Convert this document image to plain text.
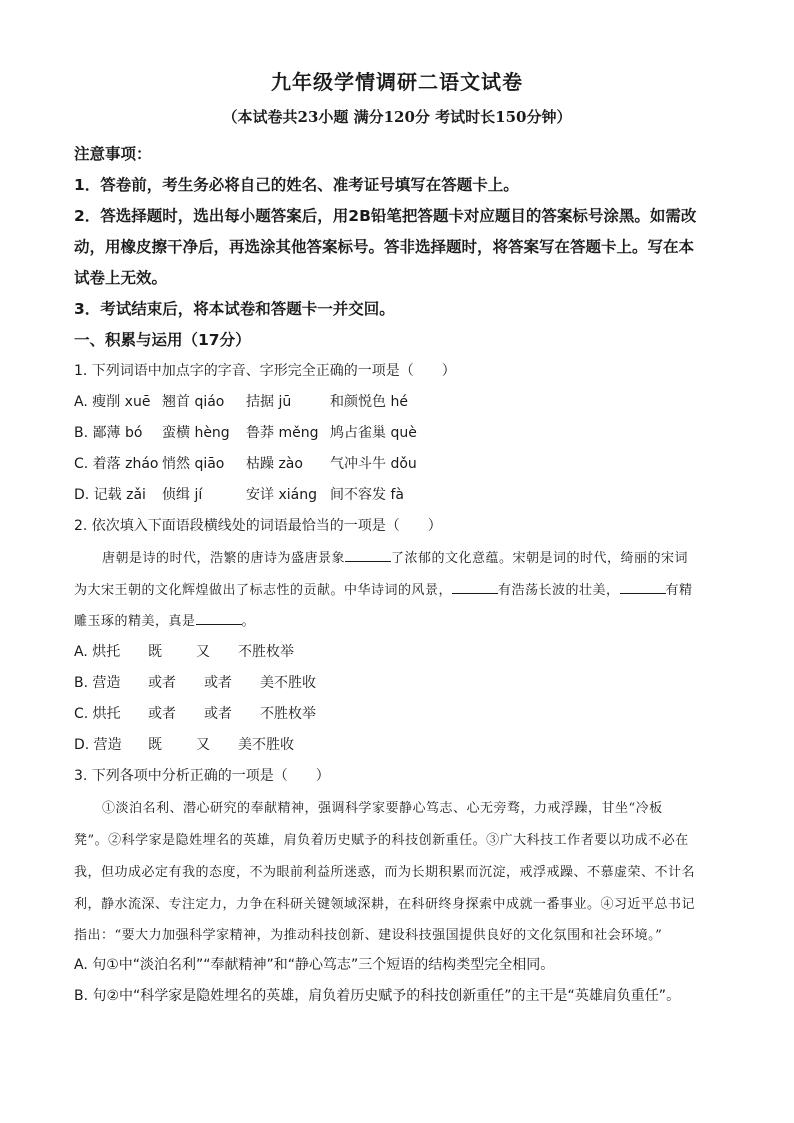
九年级学情调研二语文试卷
（本试卷共23小题 满分120分 考试时长150分钟）
注意事项：
1．答卷前，考生务必将自己的姓名、准考证号填写在答题卡上。
2．答选择题时，选出每小题答案后，用2B铅笔把答题卡对应题目的答案标号涂黑。如需改
动，用橡皮擦干净后，再选涂其他答案标号。答非选择题时，将答案写在答题卡上。写在本
试卷上无效。
3．考试结束后，将本试卷和答题卡一并交回。
一、积累与运用（17分）
1. 下列词语中加点字的字音、字形完全正确的一项是（　　）
A. 瘦削 xuē 翘首 qiáo 拮据 jū	和颜悦色 hé
B. 鄙薄 bó 蛮横 hèng 鲁莽 měng 鸠占雀巢 què
C. 着落 zháo 悄然 qiāo 枯躁 zào 气冲斗牛 dǒu
D. 记载 zǎi 侦缉 jí	安详 xiáng 间不容发 fà
2. 依次填入下面语段横线处的词语最恰当的一项是（　　）
唐朝是诗的时代，浩繁的唐诗为盛唐景象	了浓郁的文化意蕴。宋朝是词的时代，绮丽的宋词
为大宋王朝的文化辉煌做出了标志性的贡献。中华诗词的风景，	有浩荡长波的壮美，	有精
雕玉琢的精美，真是	。
A. 烘托 既 又 不胜枚举
B. 营造 或者 或者 美不胜收
C. 烘托 或者 或者 不胜枚举
D. 营造 既 又 美不胜收
3. 下列各项中分析正确的一项是（　　）
①淡泊名利、潜心研究的奉献精神，强调科学家要静心笃志、心无旁骛，力戒浮躁，甘坐“冷板
凳”。②科学家是隐姓埋名的英雄，肩负着历史赋予的科技创新重任。③广大科技工作者要以功成不必在
我，但功成必定有我的态度，不为眼前利益所迷惑，而为长期积累而沉淀，戒浮戒躁、不慕虚荣、不计名
利，静水流深、专注定力，力争在科研关键领域深耕，在科研终身探索中成就一番事业。④习近平总书记
指出：“要大力加强科学家精神，为推动科技创新、建设科技强国提供良好的文化氛围和社会环境。”
A. 句①中“淡泊名利”“奉献精神”和“静心笃志”三个短语的结构类型完全相同。
B. 句②中“科学家是隐姓埋名的英雄，肩负着历史赋予的科技创新重任”的主干是“英雄肩负重任”。
